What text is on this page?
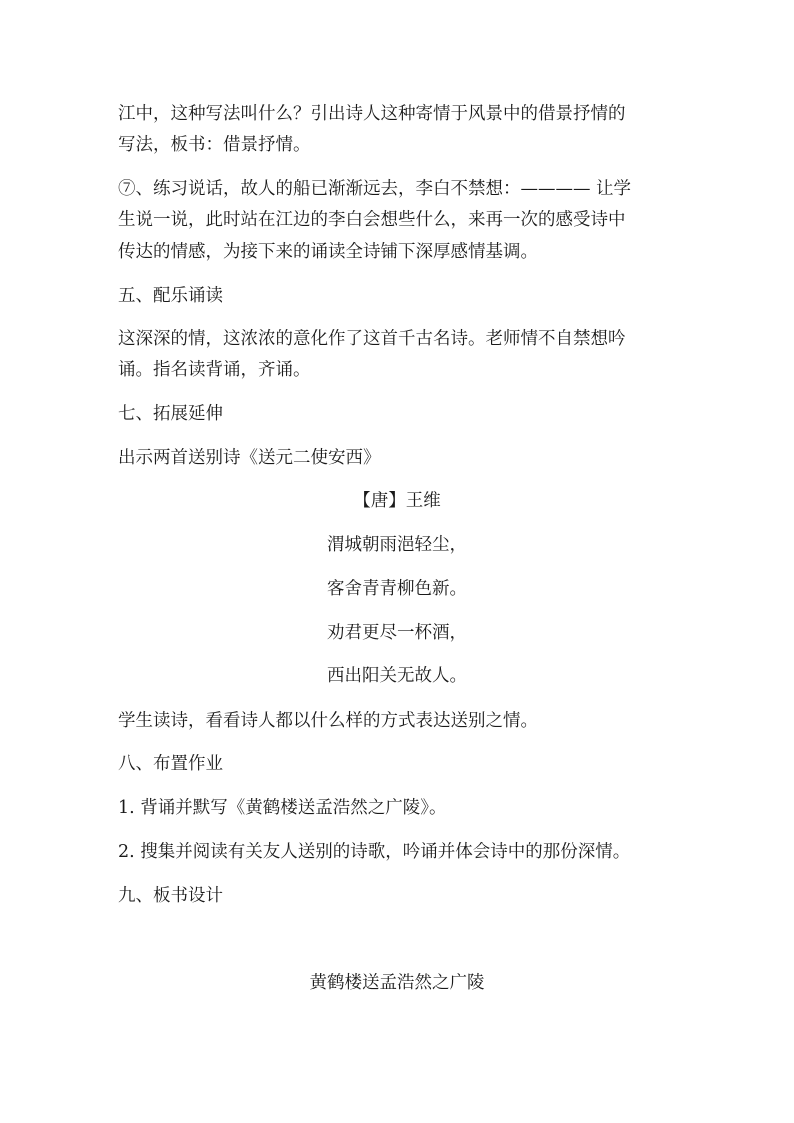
江中，这种写法叫什么？引出诗人这种寄情于风景中的借景抒情的
写法，板书：借景抒情。
⑦、练习说话，故人的船已渐渐远去，李白不禁想：———— 让学
生说一说，此时站在江边的李白会想些什么，来再一次的感受诗中
传达的情感，为接下来的诵读全诗铺下深厚感情基调。
五、配乐诵读
这深深的情，这浓浓的意化作了这首千古名诗。老师情不自禁想吟
诵。指名读背诵，齐诵。
七、拓展延伸
出示两首送别诗《送元二使安西》
【唐】王维
渭城朝雨浥轻尘，
客舍青青柳色新。
劝君更尽一杯酒，
西出阳关无故人。
学生读诗，看看诗人都以什么样的方式表达送别之情。
八、布置作业
1. 背诵并默写《黄鹤楼送孟浩然之广陵》。
2. 搜集并阅读有关友人送别的诗歌，吟诵并体会诗中的那份深情。
九、板书设计
黄鹤楼送孟浩然之广陵
